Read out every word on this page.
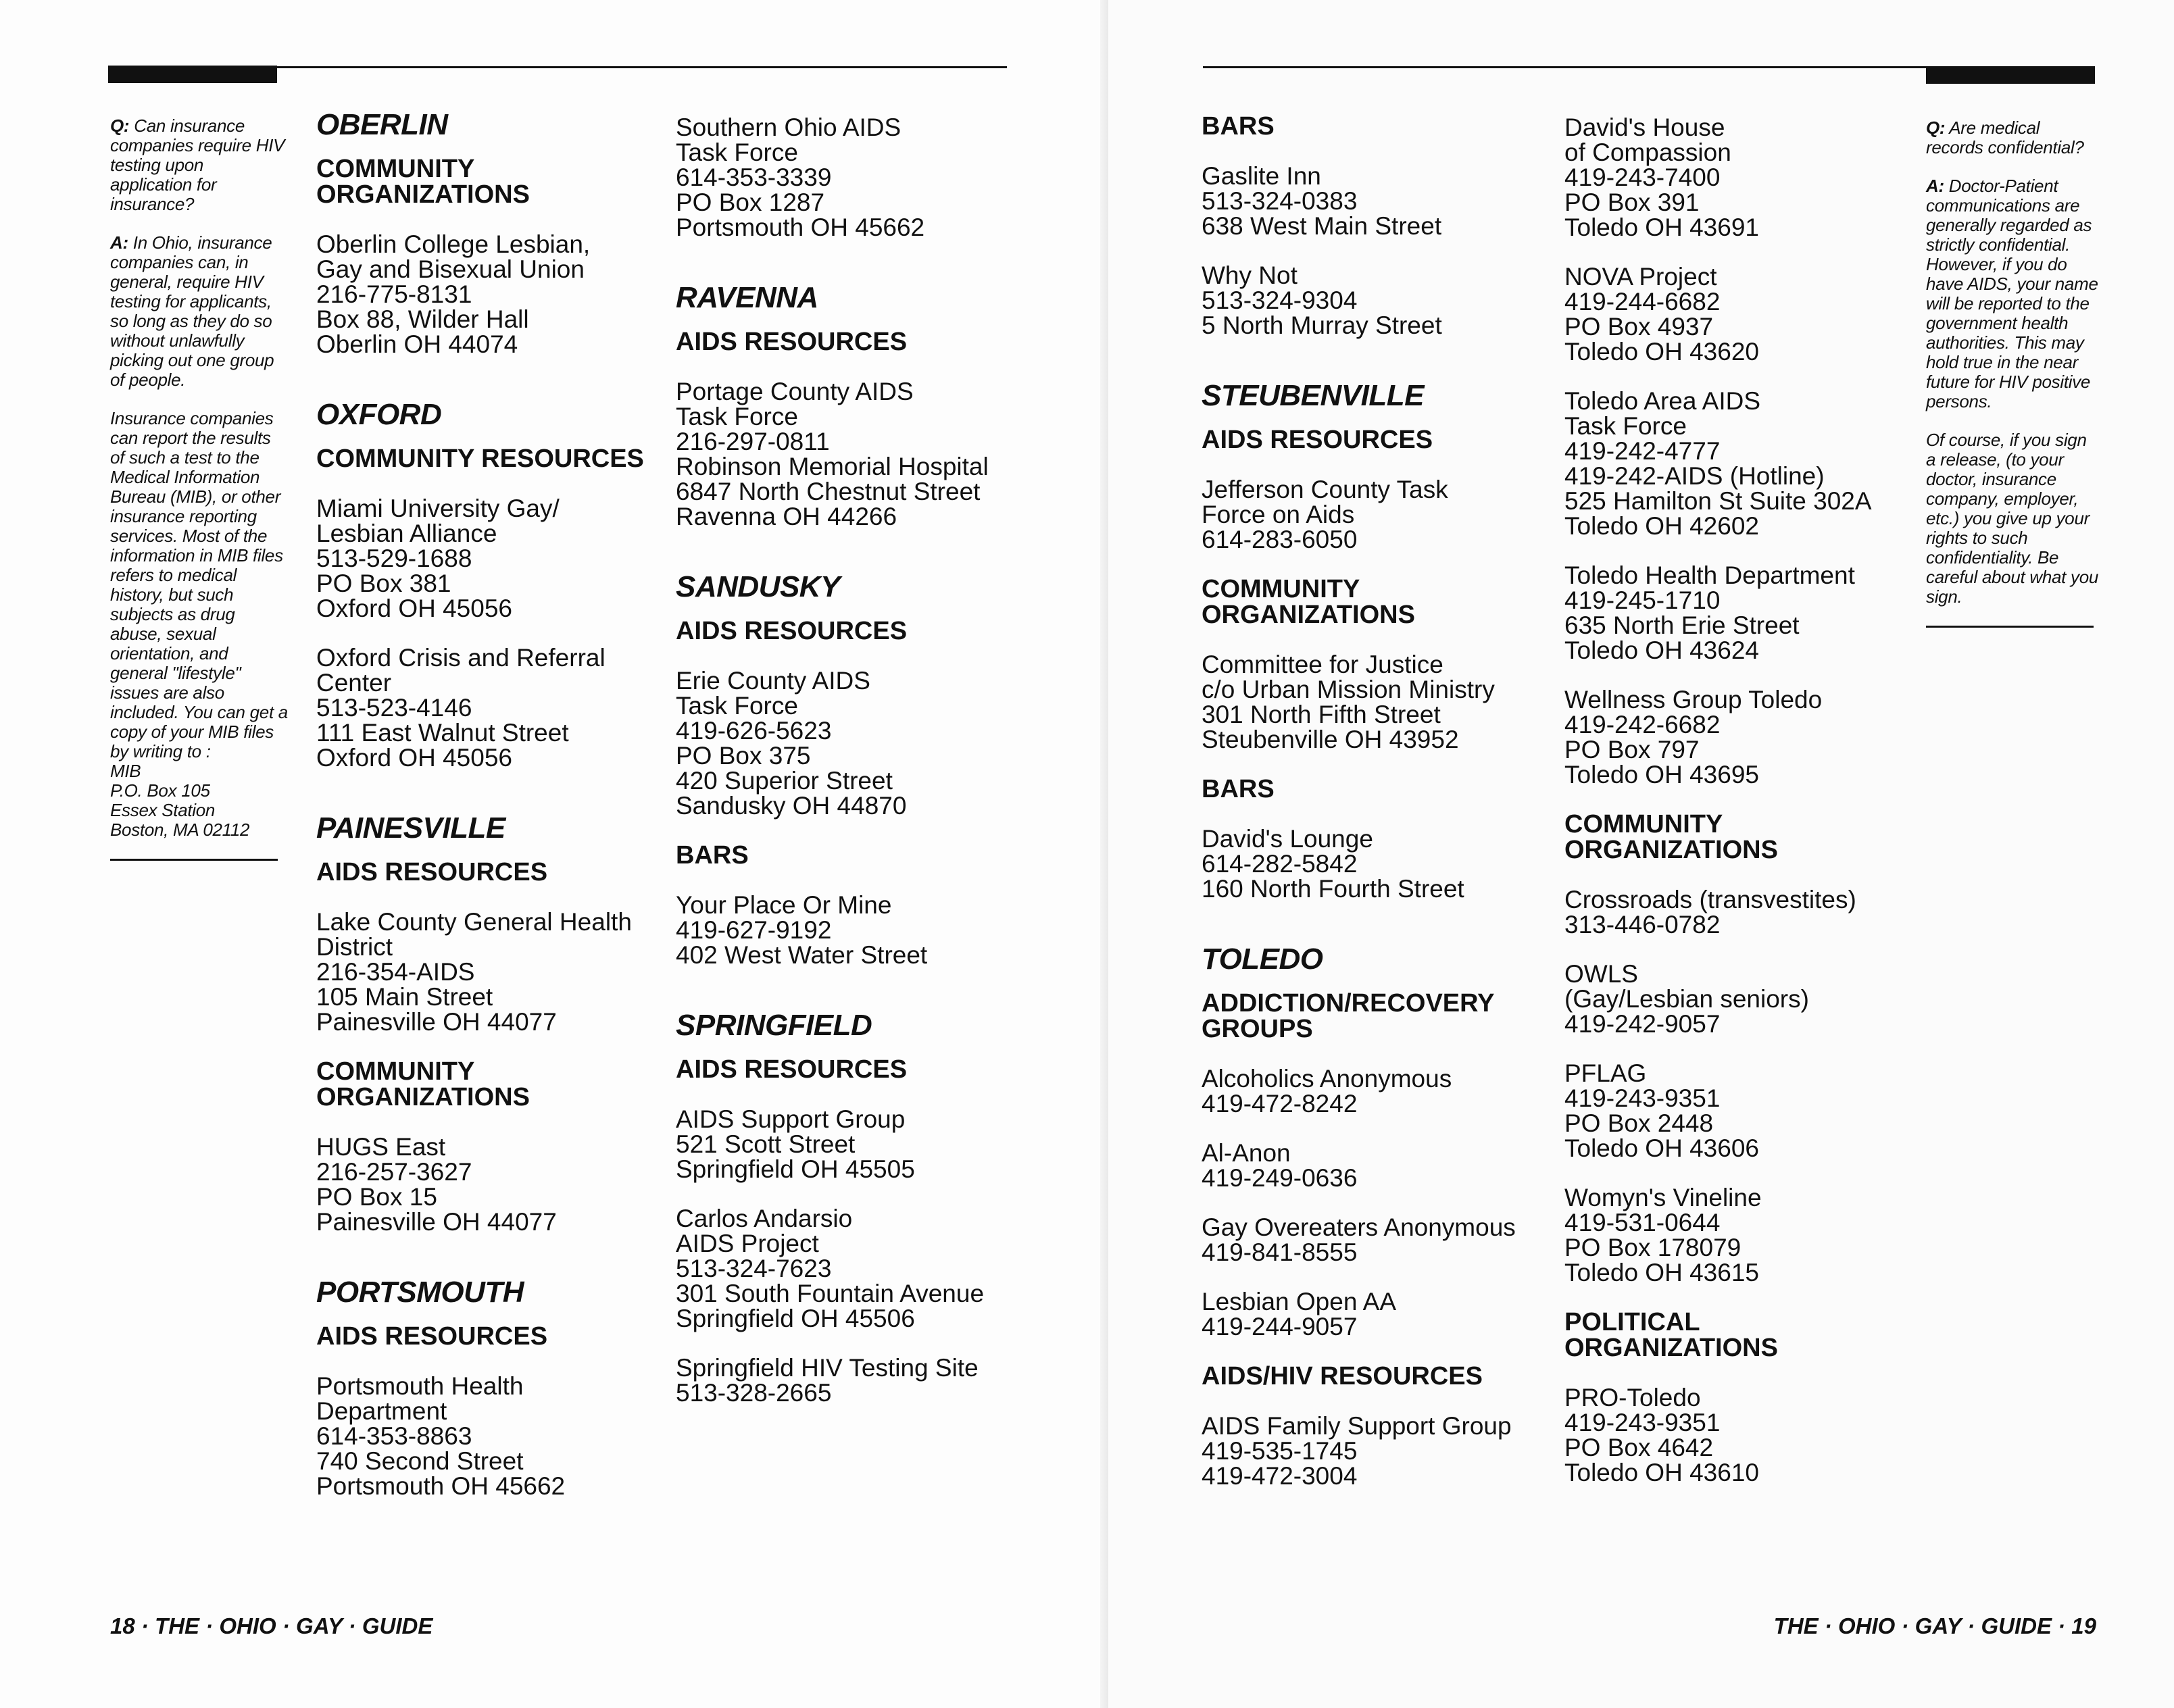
Q: Can insurance companies require HIV testing upon application for insurance?

A: In Ohio, insurance companies can, in general, require HIV testing for applicants, so long as they do so without unlawfully picking out one group of people.

Insurance companies can report the results of such a test to the Medical Information Bureau (MIB), or other insurance reporting services. Most of the information in MIB files refers to medical history, but such subjects as drug abuse, sexual orientation, and general "lifestyle" issues are also included. You can get a copy of your MIB files by writing to :

MIB
P.O. Box 105
Essex Station
Boston, MA 02112

OBERLIN
COMMUNITY
ORGANIZATIONS
Oberlin College Lesbian,
Gay and Bisexual Union
216-775-8131
Box 88, Wilder Hall
Oberlin OH 44074
OXFORD
COMMUNITY RESOURCES
Miami University Gay/
Lesbian Alliance
513-529-1688
PO Box 381
Oxford OH 45056
Oxford Crisis and Referral
Center
513-523-4146
111 East Walnut Street
Oxford OH 45056
PAINESVILLE
AIDS RESOURCES
Lake County General Health
District
216-354-AIDS
105 Main Street
Painesville OH 44077
COMMUNITY
ORGANIZATIONS
HUGS East
216-257-3627
PO Box 15
Painesville OH 44077
PORTSMOUTH
AIDS RESOURCES
Portsmouth Health
Department
614-353-8863
740 Second Street
Portsmouth OH 45662
Southern Ohio AIDS
Task Force
614-353-3339
PO Box 1287
Portsmouth OH 45662
RAVENNA
AIDS RESOURCES
Portage County AIDS
Task Force
216-297-0811
Robinson Memorial Hospital
6847 North Chestnut Street
Ravenna OH 44266
SANDUSKY
AIDS RESOURCES
Erie County AIDS
Task Force
419-626-5623
PO Box 375
420 Superior Street
Sandusky OH 44870
BARS
Your Place Or Mine
419-627-9192
402 West Water Street
SPRINGFIELD
AIDS RESOURCES
AIDS Support Group
521 Scott Street
Springfield OH 45505
Carlos Andarsio
AIDS Project
513-324-7623
301 South Fountain Avenue
Springfield OH 45506
Springfield HIV Testing Site
513-328-2665
18 · THE · OHIO · GAY · GUIDE
BARS
Gaslite Inn
513-324-0383
638 West Main Street
Why Not
513-324-9304
5 North Murray Street
STEUBENVILLE
AIDS RESOURCES
Jefferson County Task
Force on Aids
614-283-6050
COMMUNITY
ORGANIZATIONS
Committee for Justice
c/o Urban Mission Ministry
301 North Fifth Street
Steubenville OH 43952
BARS
David's Lounge
614-282-5842
160 North Fourth Street
TOLEDO
ADDICTION/RECOVERY
GROUPS
Alcoholics Anonymous
419-472-8242
Al-Anon
419-249-0636
Gay Overeaters Anonymous
419-841-8555
Lesbian Open AA
419-244-9057
AIDS/HIV RESOURCES
AIDS Family Support Group
419-535-1745
419-472-3004
David's House
of Compassion
419-243-7400
PO Box 391
Toledo OH 43691
NOVA Project
419-244-6682
PO Box 4937
Toledo OH 43620
Toledo Area AIDS
Task Force
419-242-4777
419-242-AIDS (Hotline)
525 Hamilton St Suite 302A
Toledo OH 42602
Toledo Health Department
419-245-1710
635 North Erie Street
Toledo OH 43624
Wellness Group Toledo
419-242-6682
PO Box 797
Toledo OH 43695
COMMUNITY
ORGANIZATIONS
Crossroads (transvestites)
313-446-0782
OWLS
(Gay/Lesbian seniors)
419-242-9057
PFLAG
419-243-9351
PO Box 2448
Toledo OH 43606
Womyn's Vineline
419-531-0644
PO Box 178079
Toledo OH 43615
POLITICAL
ORGANIZATIONS
PRO-Toledo
419-243-9351
PO Box 4642
Toledo OH 43610

Q: Are medical records confidential?

A: Doctor-Patient communications are generally regarded as strictly confidential. However, if you do have AIDS, your name will be reported to the government health authorities. This may hold true in the near future for HIV positive persons.

Of course, if you sign a release, (to your doctor, insurance company, employer, etc.) you give up your rights to such confidentiality. Be careful about what you sign.

THE · OHIO · GAY · GUIDE · 19
